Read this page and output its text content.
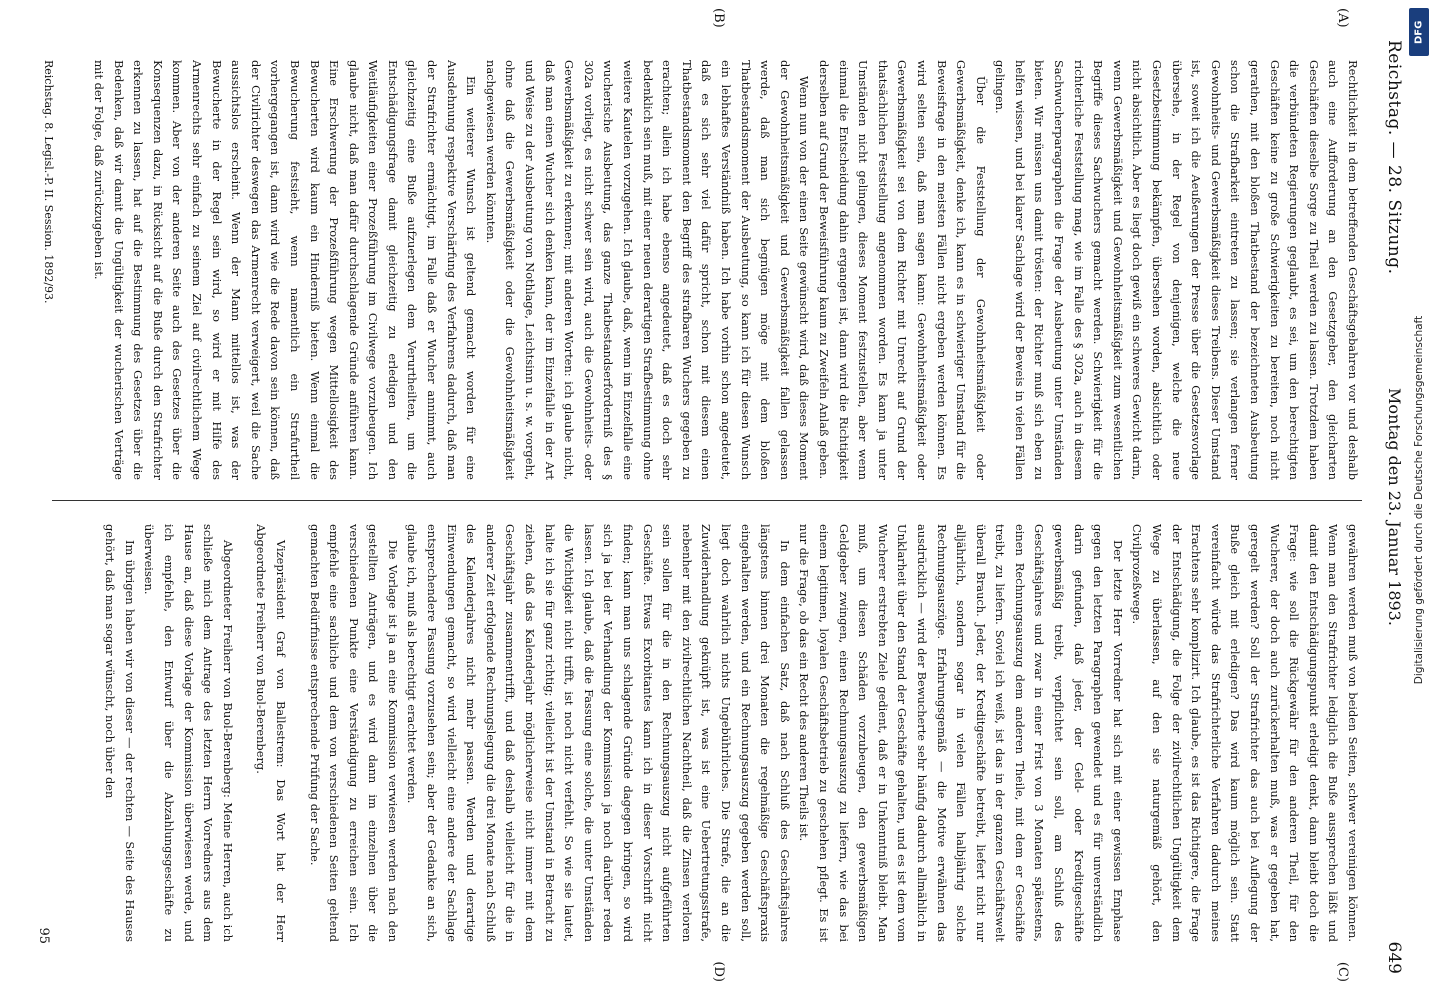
Reichstag. — 28. Sitzung.
Montag den 23. Januar 1893.
649
(A)
(B)
(C)
(D)

Rechtlichkeit in dem betreffenden Geschäftsgebahren vor und deshalb auch eine Aufforderung an den Gesetzgeber, den gleicharten Geschäften dieselbe Sorge zu Theil werden zu lassen. Trotzdem haben die verbündeten Regierungen geglaubt, es sei, um den berechtigten Geschäften keine zu große Schwierigkeiten zu bereiten, noch nicht gerathen, mit den bloßen Thatbestand der bezeichneten Ausbeutung schon die Strafbarkeit eintreten zu lassen; sie verlangen ferner Gewohnheits- und Gewerbsmäßigkeit dieses Treibens. Dieser Umstand ist, soweit ich die Aeußerungen der Presse über die Gesetzesvorlage übersehe, in der Regel von denjenigen, welche die neue Gesetzbestimmung bekämpfen, übersehen worden, absichtlich oder nicht absichtlich. Aber es liegt doch gewiß ein schweres Gewicht darin, wenn Gewerbsmäßigkeit und Gewohnheitsmäßigkeit zum wesentlichen Begriffe dieses Sachwuchers gemacht werden. Schwierigkeit für die richterliche Feststellung mag, wie im Falle des § 302a, auch in diesem Sachwucherparagraphen die Frage der Ausbeutung unter Umständen bieten. Wir müssen uns damit trösten: der Richter muß sich eben zu helfen wissen, und bei klarer Sachlage wird der Beweis in vielen Fällen gelingen.

Über die Feststellung der Gewohnheitsmäßigkeit oder Gewerbsmäßigkeit, denke ich, kann es in schwieriger Umstand für die Beweisfrage in den meisten Fällen nicht ergeben werden können. Es wird selten sein, daß man sagen kann: Gewohnheitsmäßigkeit oder Gewerbsmäßigkeit sei von dem Richter mit Unrecht auf Grund der thatsächlichen Feststellung angenommen worden. Es kann ja unter Umständen nicht gelingen, dieses Moment festzustellen, aber wenn einmal die Entscheidung dahin ergangen ist, dann wird die Richtigkeit derselben auf Grund der Beweisführung kaum zu Zweifeln Anlaß geben.

Wenn nun von der einen Seite gewünscht wird, daß dieses Moment der Gewohnheitsmäßigkeit und Gewerbsmäßigkeit fallen gelassen werde, daß man sich begnügen möge mit dem bloßen Thatbestandsmoment der Ausbeutung, so kann ich für diesen Wunsch ein lebhaftes Verständniß haben. Ich habe vorhin schon angedeutet, daß es sich sehr viel dafür spricht, schon mit diesem einen Thatbestandsmoment den Begriff des strafbaren Wuchers gegeben zu erachten; allein ich habe ebenso angedeutet, daß es doch sehr bedenklich sein muß, mit einer neuen derartigen Strafbestimmung ohne weitere Kautelen vorzugehen. Ich glaube, daß, wenn im Einzelfalle eine wucherische Ausbeutung, das ganze Thatbestandserforderniß des § 302a vorliegt, es nicht schwer sein wird, auch die Gewohnheits- oder Gewerbsmäßigkeit zu erkennen; mit anderen Worten: ich glaube nicht, daß man einen Wucher sich denken kann, der im Einzelfalle in der Art und Weise zu der Ausbeutung von Nothlage, Leichtsinn u. s. w. vorgeht, ohne daß die Gewerbsmäßigkeit oder die Gewohnheitsmäßigkeit nachgewiesen werden könnten.

Ein weiterer Wunsch ist geltend gemacht worden für eine Ausdehnung respektive Verschärfung des Verfahrens dadurch, daß man der Strafrichter ermächtigt, im Falle daß er Wucher annimmt, auch gleichzeitig eine Buße aufzuerlegen dem Verurtheilten, um die Entschädigungsfrage damit gleichzeitig zu erledigen und den Weitläufigkeiten einer Prozeßführung im Civilwege vorzubeugen. Ich glaube nicht, daß man dafür durchschlagende Gründe anführen kann. Eine Erschwerung der Prozeßführung wegen Mittellosigkeit des Bewucherten wird kaum ein Hinderniß bieten. Wenn einmal die Bewucherung festsieht, wenn namentlich ein Strafurtheil vorhergegangen ist, dann wird wie die Rede davon sein können, daß der Civilrichter deswegen das Armenrecht verweigert, weil die Sache aussichtslos erscheint. Wenn der Mann mittellos ist, was der Bewucherte in der Regel sein wird, so wird er mit Hilfe des Armenrechts sehr einfach zu seinem Ziel auf civilrechtlichem Wege kommen. Aber von der anderen Seite auch des Gesetzes über die Konsequenzen dazu, in Rücksicht auf die Buße durch den Strafrichter erkennen zu lassen, hat auf die Bestimmung des Gesetzes über die Bedenken, daß wir damit die Ungültigkeit der wucherischen Verträge mit der Folge, daß zurückzugeben ist.

gewähren werden muß von beiden Seiten, schwer vereinigen können. Wenn man den Strafrichter lediglich die Buße aussprechen läßt und damit den Entschädigungspunkt erledigt denkt, dann bleibt doch die Frage: wie soll die Rückgewähr für den anderen Theil, für den Wucherer, der doch auch zurückerhalten muß, was er gegeben hat, geregelt werden? Soll der Strafrichter das auch bei Auflegung der Buße gleich mit erledigen? Das wird kaum möglich sein. Statt vereinfacht würde das Strafrichterliche Verfahren dadurch meines Erachtens sehr komplizirt. Ich glaube, es ist das Richtigere, die Frage der Entschädigung, die Folge der zivilrechtlichen Ungültigkeit dem Wege zu überlassen, auf den sie naturgemäß gehört, den Civilprozeßwege.

Der letzte Herr Vorredner hat sich mit einer gewissen Emphase gegen den letzten Paragraphen gewendet und es für unverständlich darin gefunden, daß jeder, der Geld- oder Kreditgeschäfte gewerbsmäßig treibt, verpflichtet sein soll, am Schluß des Geschäftsjahres und zwar in einer Frist von 3 Monaten spätestens, einen Rechnungsauszug dem anderen Theile, mit dem er Geschäfte treibt, zu liefern. Soviel ich weiß, ist das in der ganzen Geschäftswelt überall Brauch. Jeder, der Kreditgeschäfte betreibt, liefert nicht nur alljährlich, sondern sogar in vielen Fällen halbjährig solche Rechnungsauszüge. Erfahrungsgemäß — die Motive erwähnen das ausdrücklich — wird der Bewucherte sehr häufig dadurch allmählich in Unklarheit über den Stand der Geschäfte gehalten, und es ist dem vom Wucherer erstrebten Ziele gedient, daß er in Unkenntniß bleibt. Man muß, um diesen Schäden vorzubeugen, den gewerbsmäßigen Geldgeber zwingen, einen Rechnungsauszug zu liefern, wie das bei einem legitimen, loyalen Geschäftsbetrieb zu geschehen pflegt. Es ist nur die Frage, ob das ein Recht des anderen Theils ist.

In dem einfachen Satz, daß nach Schluß des Geschäftsjahres längstens binnen drei Monaten die regelmäßige Geschäftspraxis eingehalten werden, und ein Rechnungsauszug gegeben werden soll, liegt doch wahrlich nichts Ungebührliches. Die Strafe, die an die Zuwiderhandlung geknüpft ist, was ist eine Uebertretungsstrafe, nebenher mit den zivilrechtlichen Nachtheil, daß die Zinsen verloren sein sollen für die in den Rechnungsauszug nicht aufgeführten Geschäfte. Etwas Exorbitantes kann ich in dieser Vorschrift nicht finden; kann man uns schlagende Gründe dagegen bringen, so wird sich ja bei der Verhandlung der Kommission ja noch darüber reden lassen. Ich glaube, daß die Fassung eine solche, die unter Umständen die Wichtigkeit nicht trifft, ist noch nicht verfehlt. So wie sie lautet, halte ich sie für ganz richtig; vielleicht ist der Umstand in Betracht zu ziehen, daß das Kalenderjahr möglicherweise nicht immer mit dem Geschäftsjahr zusammentrifft, und daß deshalb vielleicht für die in anderer Zeit erfolgende Rechnungslegung die drei Monate nach Schluß des Kalenderjahres nicht mehr passen. Werden und derartige Einwendungen gemacht, so wird vielleicht eine andere der Sachlage entsprechendere Fassung vorzusehen sein; aber der Gedanke an sich, glaube ich, muß als berechtigt erachtet werden.

Die Vorlage ist ja an eine Kommission verwiesen werden nach den gestellten Anträgen, und es wird dann im einzelnen über die verschiedenen Punkte eine Verständigung zu erreichen sein. Ich empfehle eine sachliche und dem von verschiedenen Seiten geltend gemachten Bedürfnisse entsprechende Prüfung der Sache.

Vizepräsident Graf von Ballestrem: Das Wort hat der Herr Abgeordnete Freiherr von Buol-Berenberg.

Abgeordneter Freiherr von Buol-Berenberg: Meine Herren, auch ich schließe mich dem Antrage des letzten Herrn Vorredners aus dem Hause an, daß diese Vorlage der Kommission überwiesen werde, und ich empfehle, den Entwurf über die Abzahlungsgeschäfte zu überweisen.

Im übrigen haben wir von dieser — der rechten — Seite des Hauses gehört, daß man sogar wünscht, noch über den

Reichstag. 8. Legisl.-P. II. Session. 1892/93.
95
DFG
Digitalisierung gefördert durch die Deutsche Forschungsgemeinschaft
